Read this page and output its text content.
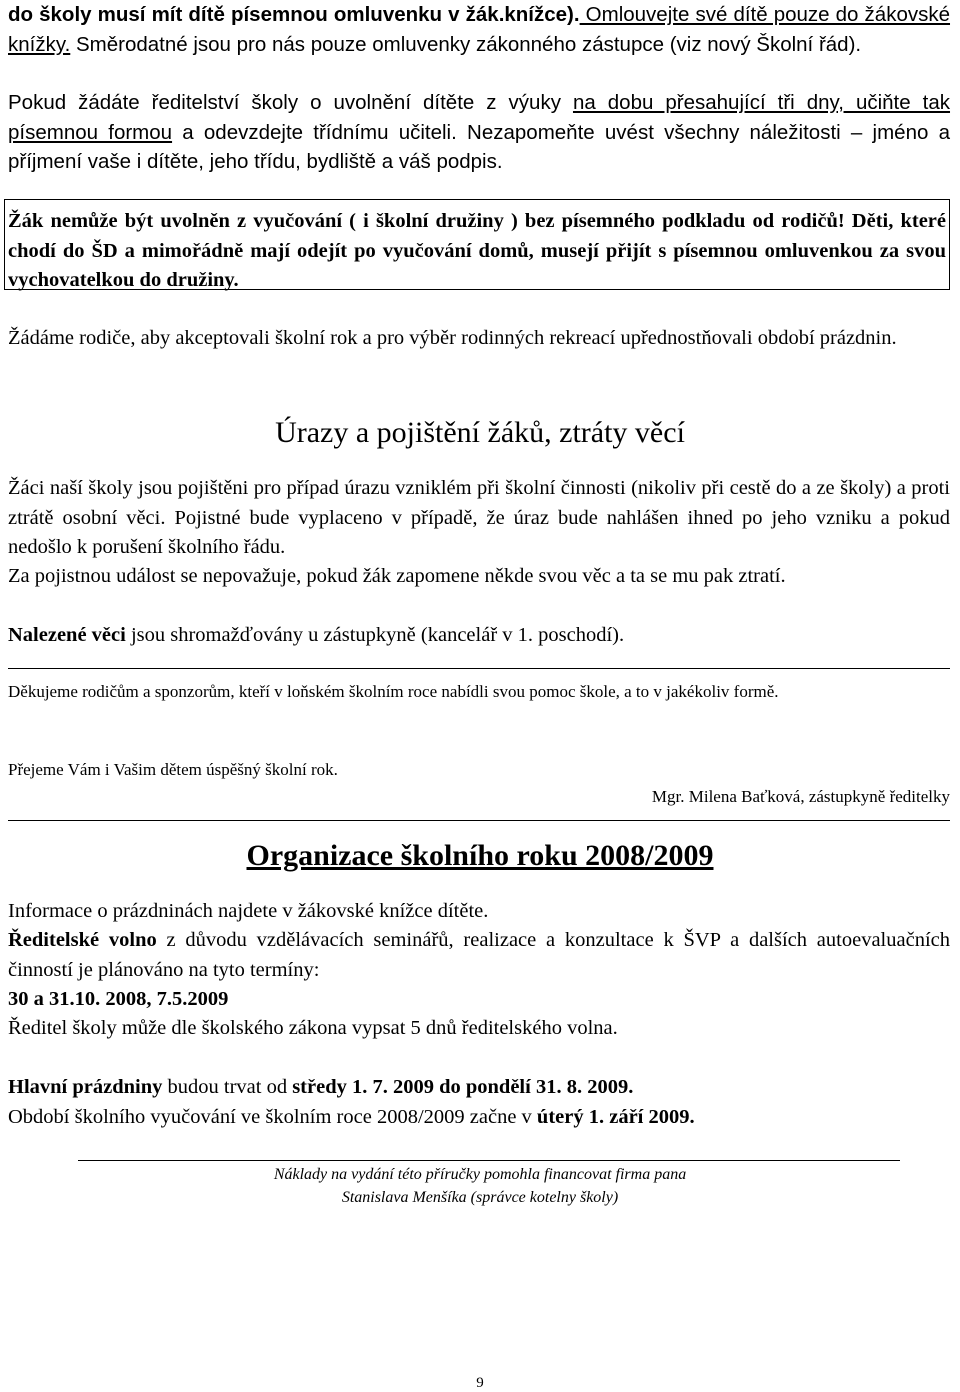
do školy musí mít dítě písemnou omluvenku v žák.knížce). Omlouvejte své dítě pouze do žákovské knížky. Směrodatné jsou pro nás pouze omluvenky zákonného zástupce (viz nový Školní řád).
Pokud žádáte ředitelství školy o uvolnění dítěte z výuky na dobu přesahující tři dny, učiňte tak písemnou formou a odevzdejte třídnímu učiteli. Nezapomeňte uvést všechny náležitosti – jméno a příjmení vaše i dítěte, jeho třídu, bydliště a váš podpis.
Žák nemůže být uvolněn z vyučování ( i školní družiny ) bez písemného podkladu od rodičů! Děti, které chodí do ŠD a mimořádně mají odejít po vyučování domů, musejí přijít s písemnou omluvenkou za svou vychovatelkou do družiny.
Žádáme rodiče, aby akceptovali školní rok a pro výběr rodinných rekreací upřednostňovali období prázdnin.
Úrazy a pojištění žáků, ztráty věcí
Žáci naší školy jsou pojištěni pro případ úrazu vzniklém při školní činnosti (nikoliv při cestě do a ze školy) a proti ztrátě osobní věci. Pojistné bude vyplaceno v případě, že úraz bude nahlášen ihned po jeho vzniku a pokud nedošlo k porušení školního řádu.
Za pojistnou událost se nepovažuje, pokud žák zapomene někde svou věc a ta se mu pak ztratí.
Nalezené věci jsou shromažďovány u zástupkyně (kancelář v 1. poschodí).
Děkujeme rodičům a sponzorům, kteří v loňském školním roce nabídli svou pomoc škole, a to v jakékoliv formě.
Přejeme Vám i Vašim dětem úspěšný školní rok.
Mgr. Milena Baťková, zástupkyně ředitelky
Organizace školního roku 2008/2009
Informace o prázdninách najdete v žákovské knížce dítěte.
Ředitelské volno z důvodu vzdělávacích seminářů, realizace a konzultace k ŠVP a dalších autoevaluačních činností je plánováno na tyto termíny:
30 a 31.10. 2008, 7.5.2009
Ředitel školy může dle školského zákona vypsat 5 dnů ředitelského volna.
Hlavní prázdniny budou trvat od středy 1. 7. 2009 do pondělí 31. 8. 2009.
Období školního vyučování ve školním roce 2008/2009 začne v úterý 1. září 2009.
Náklady na vydání této příručky pomohla financovat firma pana
Stanislava Menšíka (správce kotelny školy)
9
